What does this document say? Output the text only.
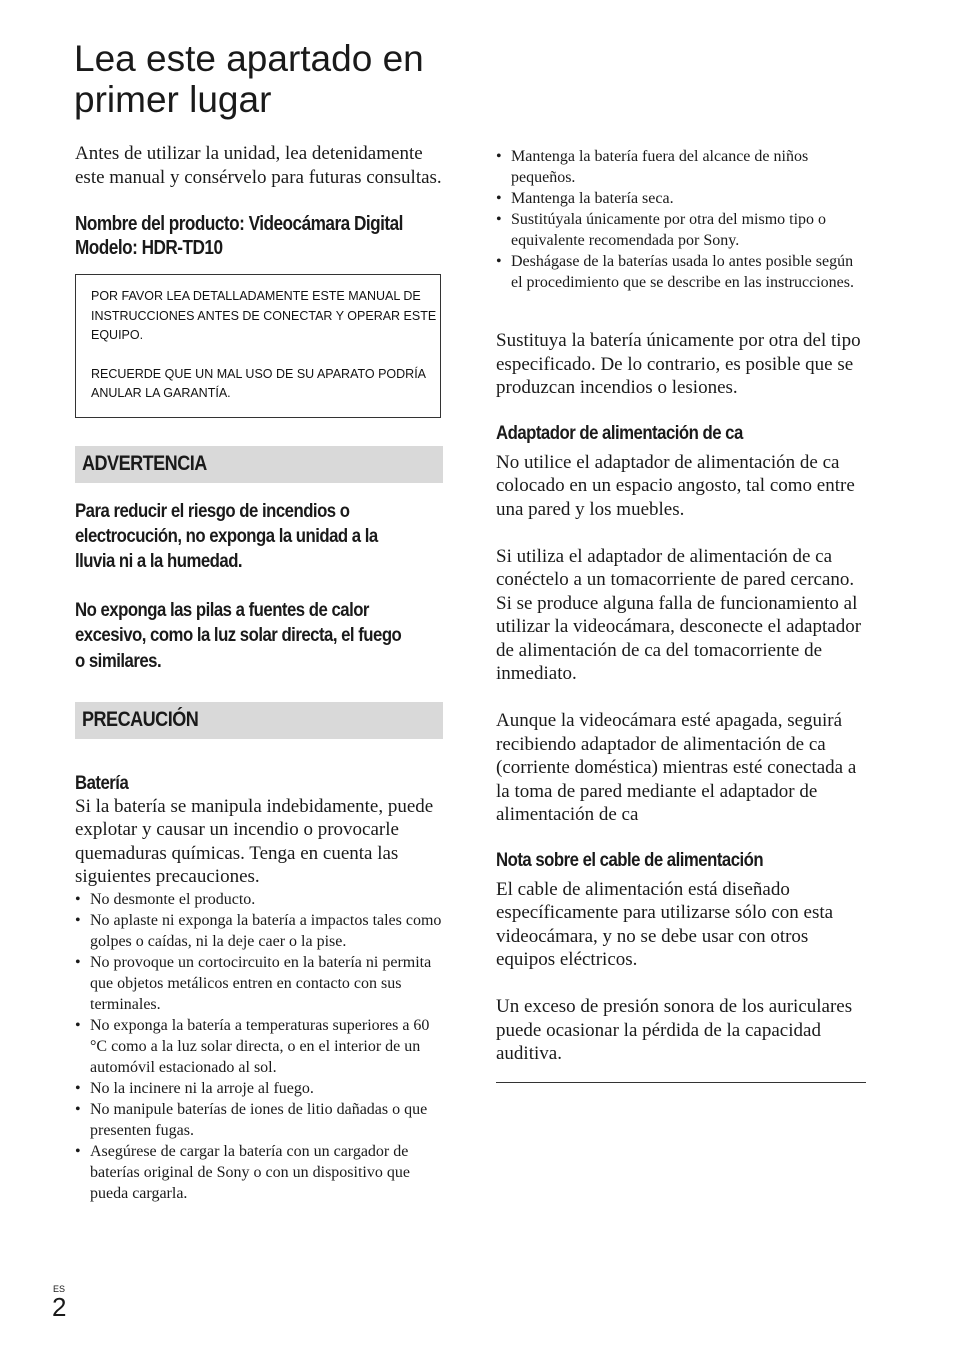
Lea este apartado en primer lugar

Antes de utilizar la unidad, lea detenidamente este manual y consérvelo para futuras consultas.

Nombre del producto: Videocámara Digital
Modelo: HDR-TD10
POR FAVOR LEA DETALLADAMENTE ESTE MANUAL DE INSTRUCCIONES ANTES DE CONECTAR Y OPERAR ESTE EQUIPO.
RECUERDE QUE UN MAL USO DE SU APARATO PODRÍA ANULAR LA GARANTÍA.
ADVERTENCIA
Para reducir el riesgo de incendios o
electrocución, no exponga la unidad a la
lluvia ni a la humedad.
No exponga las pilas a fuentes de calor
excesivo, como la luz solar directa, el fuego
o similares.
PRECAUCIÓN
Batería

Si la batería se manipula indebidamente, puede explotar y causar un incendio o provocarle quemaduras químicas. Tenga en cuenta las siguientes precauciones.

• No desmonte el producto.
• No aplaste ni exponga la batería a impactos tales como golpes o caídas, ni la deje caer o la pise.
• No provoque un cortocircuito en la batería ni permita que objetos metálicos entren en contacto con sus terminales.
• No exponga la batería a temperaturas superiores a 60 °C como a la luz solar directa, o en el interior de un automóvil estacionado al sol.
• No la incinere ni la arroje al fuego.
• No manipule baterías de iones de litio dañadas o que presenten fugas.
• Asegúrese de cargar la batería con un cargador de baterías original de Sony o con un dispositivo que pueda cargarla.
• Mantenga la batería fuera del alcance de niños pequeños.
• Mantenga la batería seca.
• Sustitúyala únicamente por otra del mismo tipo o equivalente recomendada por Sony.
• Deshágase de la baterías usada lo antes posible según el procedimiento que se describe en las instrucciones.

Sustituya la batería únicamente por otra del tipo especificado. De lo contrario, es posible que se produzcan incendios o lesiones.

Adaptador de alimentación de ca

No utilice el adaptador de alimentación de ca colocado en un espacio angosto, tal como entre una pared y los muebles.

Si utiliza el adaptador de alimentación de ca conéctelo a un tomacorriente de pared cercano. Si se produce alguna falla de funcionamiento al utilizar la videocámara, desconecte el adaptador de alimentación de ca del tomacorriente de inmediato.

Aunque la videocámara esté apagada, seguirá recibiendo adaptador de alimentación de ca (corriente doméstica) mientras esté conectada a la toma de pared mediante el adaptador de alimentación de ca

Nota sobre el cable de alimentación

El cable de alimentación está diseñado específicamente para utilizarse sólo con esta videocámara, y no se debe usar con otros equipos eléctricos.

Un exceso de presión sonora de los auriculares puede ocasionar la pérdida de la capacidad auditiva.

ES
2
